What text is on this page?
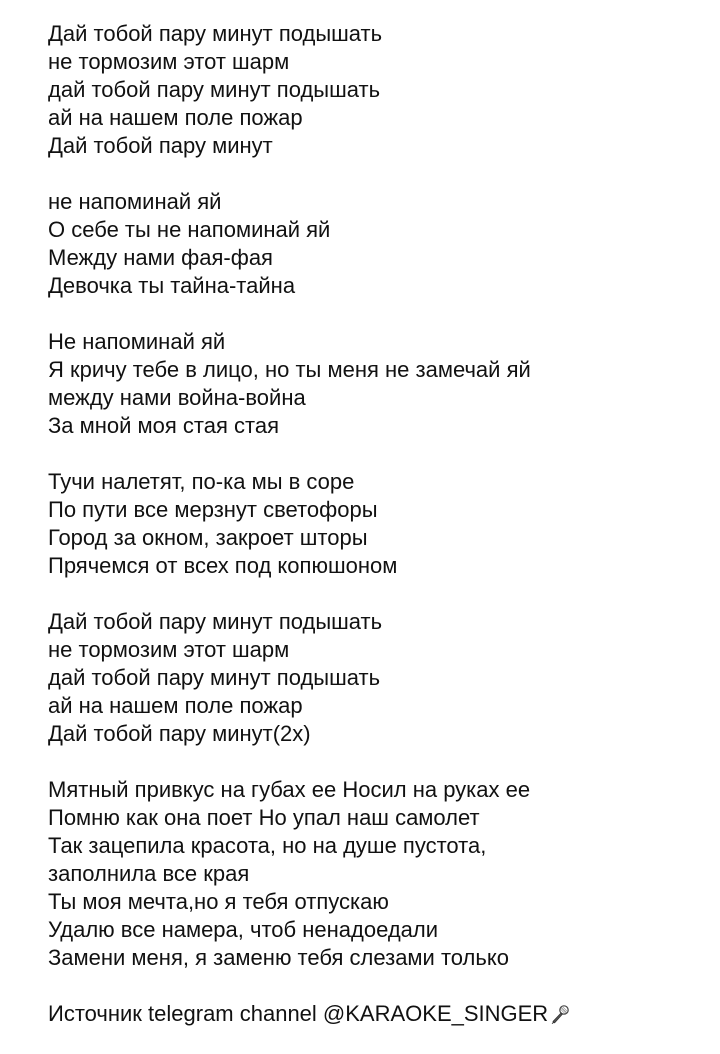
Дай тобой пару минут подышать
не тормозим этот шарм
дай тобой пару минут подышать
ай на нашем поле пожар
Дай тобой пару минут
не напоминай яй
О себе ты не напоминай яй
Между нами фая-фая
Девочка ты тайна-тайна
Не напоминай яй
Я кричу тебе в лицо, но ты меня не замечай яй
между нами война-война
За мной моя стая стая
Тучи налетят, по-ка мы в соре
По пути все мерзнут светофоры
Город за окном, закроет шторы
Прячемся от всех под копюшоном
Дай тобой пару минут подышать
не тормозим этот шарм
дай тобой пару минут подышать
ай на нашем поле пожар
Дай тобой пару минут(2х)
Мятный привкус на губах ее Носил на руках ее
Помню как она поет Но упал наш самолет
Так зацепила красота, но на душе пустота,
заполнила все края
Ты моя мечта,но я тебя отпускаю
Удалю все намера, чтоб ненадоедали
Замени меня, я заменю тебя слезами только
Источник telegram channel @KARAOKE_SINGER
